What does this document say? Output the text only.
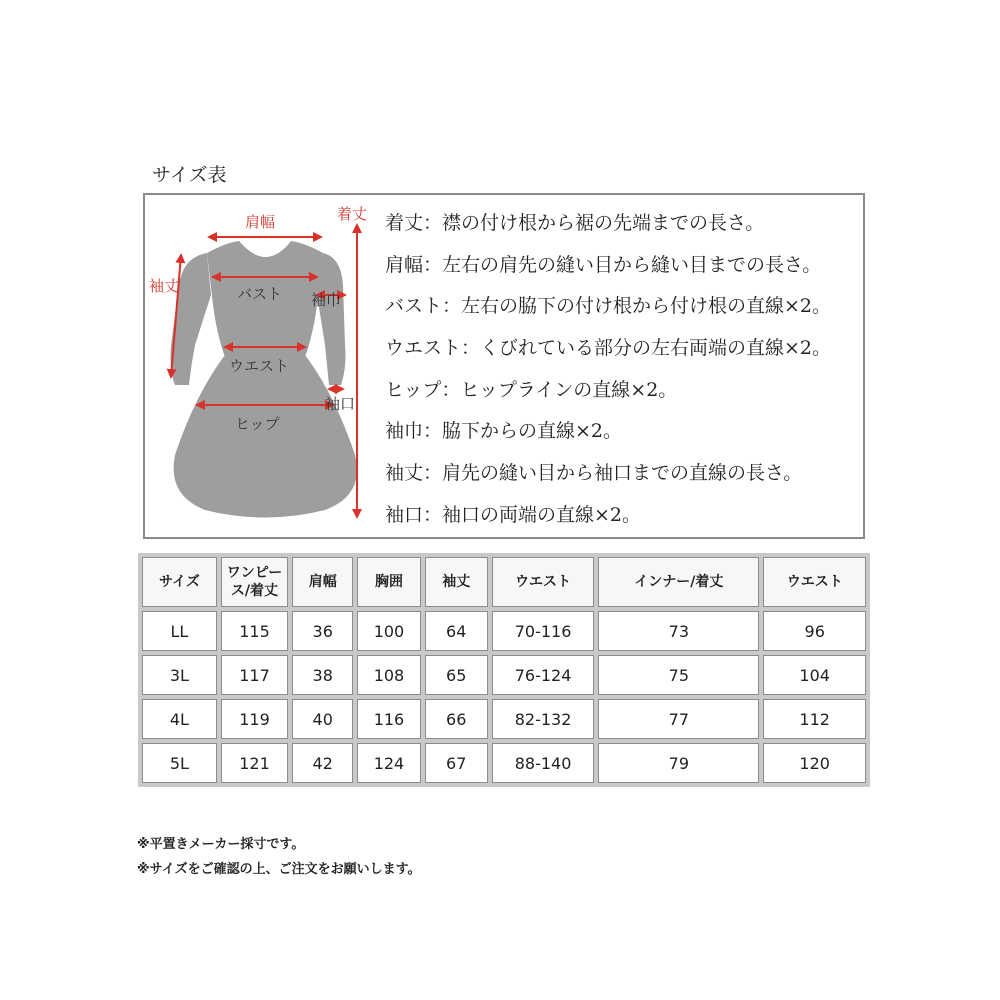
サイズ表
肩幅	着丈
袖丈	バスト 袖巾
ウエスト
袖口
ヒップ
着丈：襟の付け根から裾の先端までの長さ。
肩幅：左右の肩先の縫い目から縫い目までの長さ。
バスト：左右の脇下の付け根から付け根の直線×2。
ウエスト：くびれている部分の左右両端の直線×2。
ヒップ：ヒップラインの直線×2。
袖巾：脇下からの直線×2。
袖丈：肩先の縫い目から袖口までの直線の長さ。
袖口：袖口の両端の直線×2。
サイズ	ワンピース/着丈	肩幅	胸囲	袖丈	ウエスト	インナー/着丈	ウエスト
LL	115	36	100	64	70-116	73	96
3L	117	38	108	65	76-124	75	104
4L	119	40	116	66	82-132	77	112
5L	121	42	124	67	88-140	79	120
※平置きメーカー採寸です。
※サイズをご確認の上、ご注文をお願いします。
